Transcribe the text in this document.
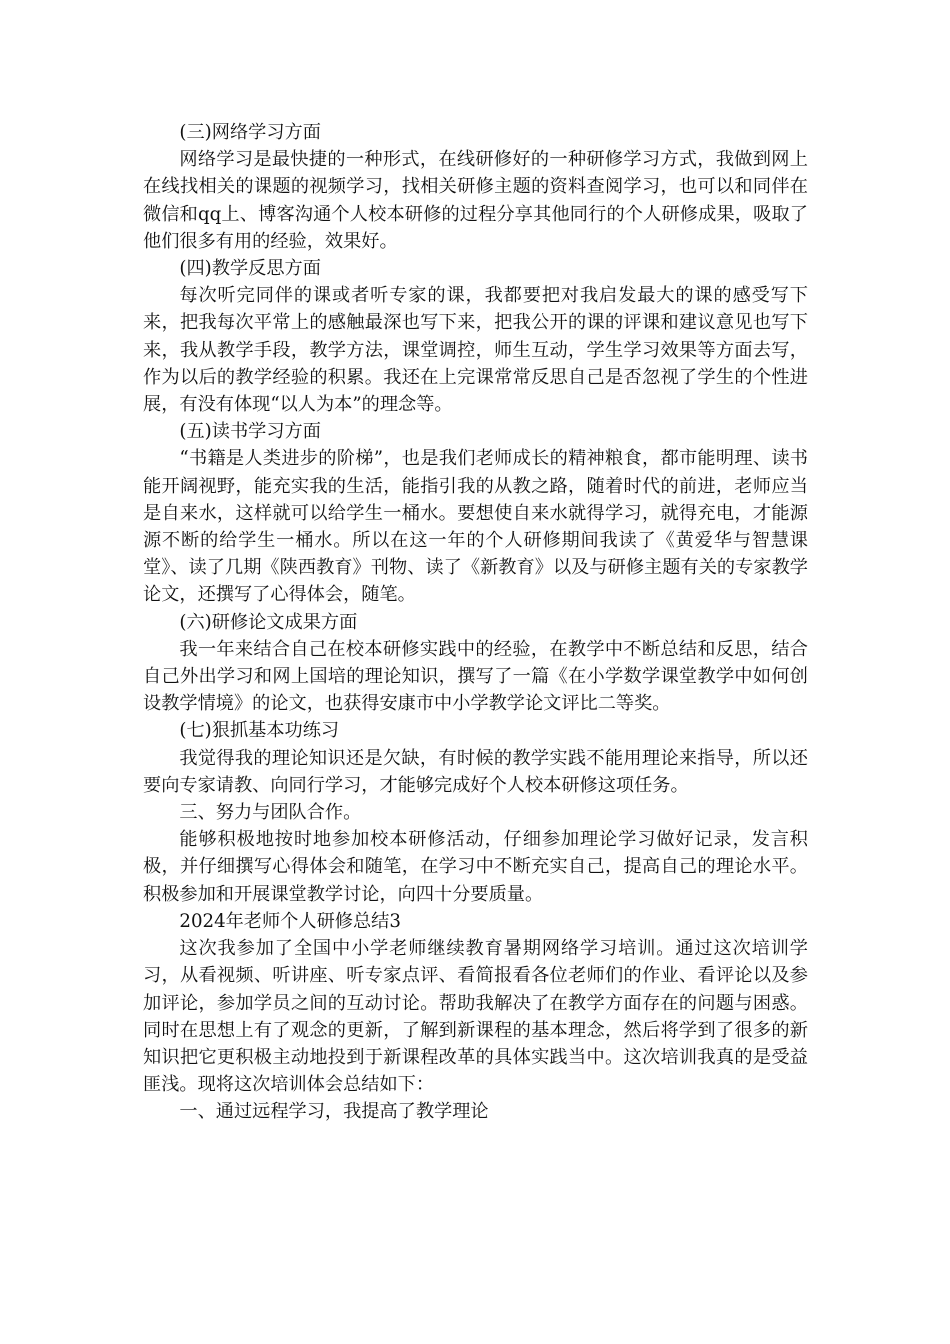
(三)网络学习方面

网络学习是最快捷的一种形式，在线研修好的一种研修学习方式，我做到网上在线找相关的课题的视频学习，找相关研修主题的资料查阅学习，也可以和同伴在微信和qq上、博客沟通个人校本研修的过程分享其他同行的个人研修成果，吸取了他们很多有用的经验，效果好。

(四)教学反思方面

每次听完同伴的课或者听专家的课，我都要把对我启发最大的课的感受写下来，把我每次平常上的感触最深也写下来，把我公开的课的评课和建议意见也写下来，我从教学手段，教学方法，课堂调控，师生互动，学生学习效果等方面去写，作为以后的教学经验的积累。我还在上完课常常反思自己是否忽视了学生的个性进展，有没有体现“以人为本”的理念等。

(五)读书学习方面

“书籍是人类进步的阶梯”，也是我们老师成长的精神粮食，都市能明理、读书能开阔视野，能充实我的生活，能指引我的从教之路，随着时代的前进，老师应当是自来水，这样就可以给学生一桶水。要想使自来水就得学习，就得充电，才能源源不断的给学生一桶水。所以在这一年的个人研修期间我读了《黄爱华与智慧课堂》、读了几期《陕西教育》刊物、读了《新教育》以及与研修主题有关的专家教学论文，还撰写了心得体会，随笔。

(六)研修论文成果方面

我一年来结合自己在校本研修实践中的经验，在教学中不断总结和反思，结合自己外出学习和网上国培的理论知识，撰写了一篇《在小学数学课堂教学中如何创设教学情境》的论文，也获得安康市中小学教学论文评比二等奖。

(七)狠抓基本功练习

我觉得我的理论知识还是欠缺，有时候的教学实践不能用理论来指导，所以还要向专家请教、向同行学习，才能够完成好个人校本研修这项任务。

三、努力与团队合作。

能够积极地按时地参加校本研修活动，仔细参加理论学习做好记录，发言积极，并仔细撰写心得体会和随笔，在学习中不断充实自己，提高自己的理论水平。积极参加和开展课堂教学讨论，向四十分要质量。

2024年老师个人研修总结3

这次我参加了全国中小学老师继续教育暑期网络学习培训。通过这次培训学习，从看视频、听讲座、听专家点评、看简报看各位老师们的作业、看评论以及参加评论，参加学员之间的互动讨论。帮助我解决了在教学方面存在的问题与困惑。同时在思想上有了观念的更新，了解到新课程的基本理念，然后将学到了很多的新知识把它更积极主动地投到于新课程改革的具体实践当中。这次培训我真的是受益匪浅。现将这次培训体会总结如下：

一、通过远程学习，我提高了教学理论
